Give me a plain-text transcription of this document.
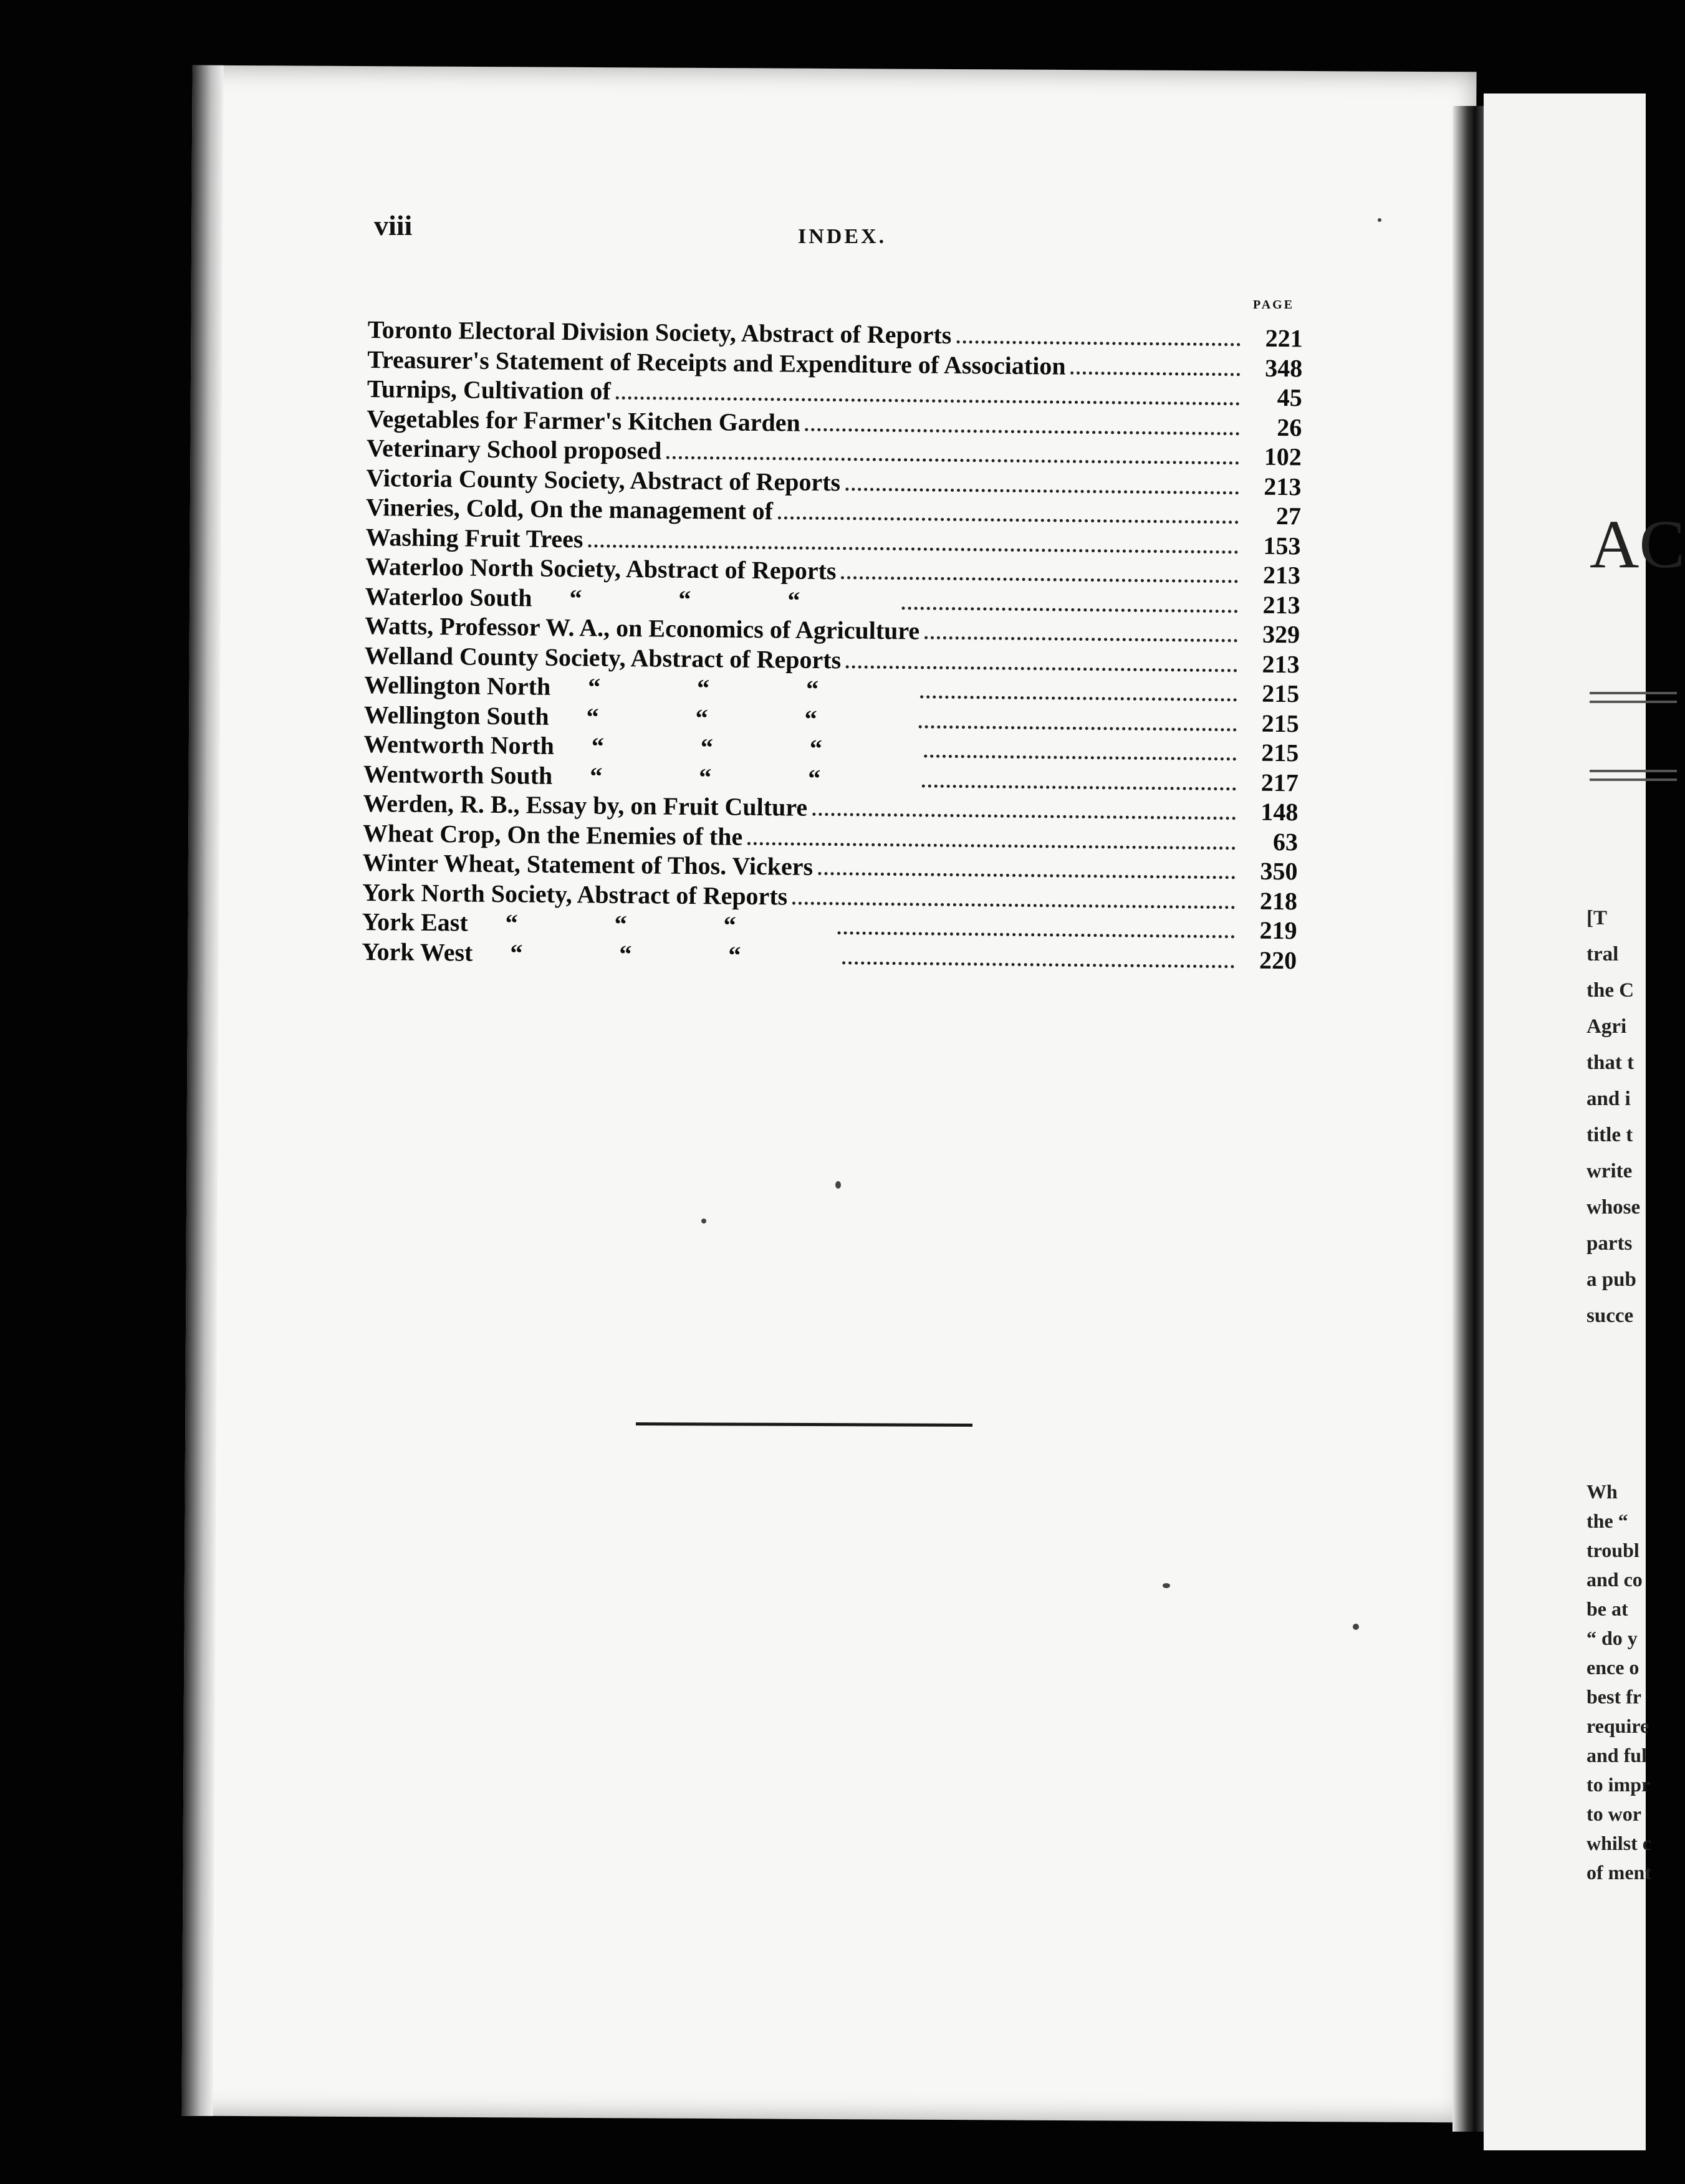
viii	INDEX.
PAGE
Toronto Electoral Division Society, Abstract of Reports	221
Treasurer's Statement of Receipts and Expenditure of Association	348
Turnips, Cultivation of	45
Vegetables for Farmer's Kitchen Garden	26
Veterinary School proposed	102
Victoria County Society, Abstract of Reports	213
Vineries, Cold, On the management of	27
Washing Fruit Trees	153
Waterloo North Society, Abstract of Reports	213
Waterloo South “	“	“	213
Watts, Professor W. A., on Economics of Agriculture	329
Welland County Society, Abstract of Reports	213
Wellington North “	“	“	215
Wellington South “	“	“	215
Wentworth North “	“	“	215
Wentworth South “	“	“	217
Werden, R. B., Essay by, on Fruit Culture	148
Wheat Crop, On the Enemies of the	63
Winter Wheat, Statement of Thos. Vickers	350
York North Society, Abstract of Reports	218
York East “	“	“	219
York West “	“	“	220
AC
[T
tral
the C
Agri
that t
and i
title t
write
whose
parts
a pub
succe
Wh
the “
troubl
and co
be at
“ do y
ence o
best fr
require
and ful
to impr
to wor
whilst c
of ment
